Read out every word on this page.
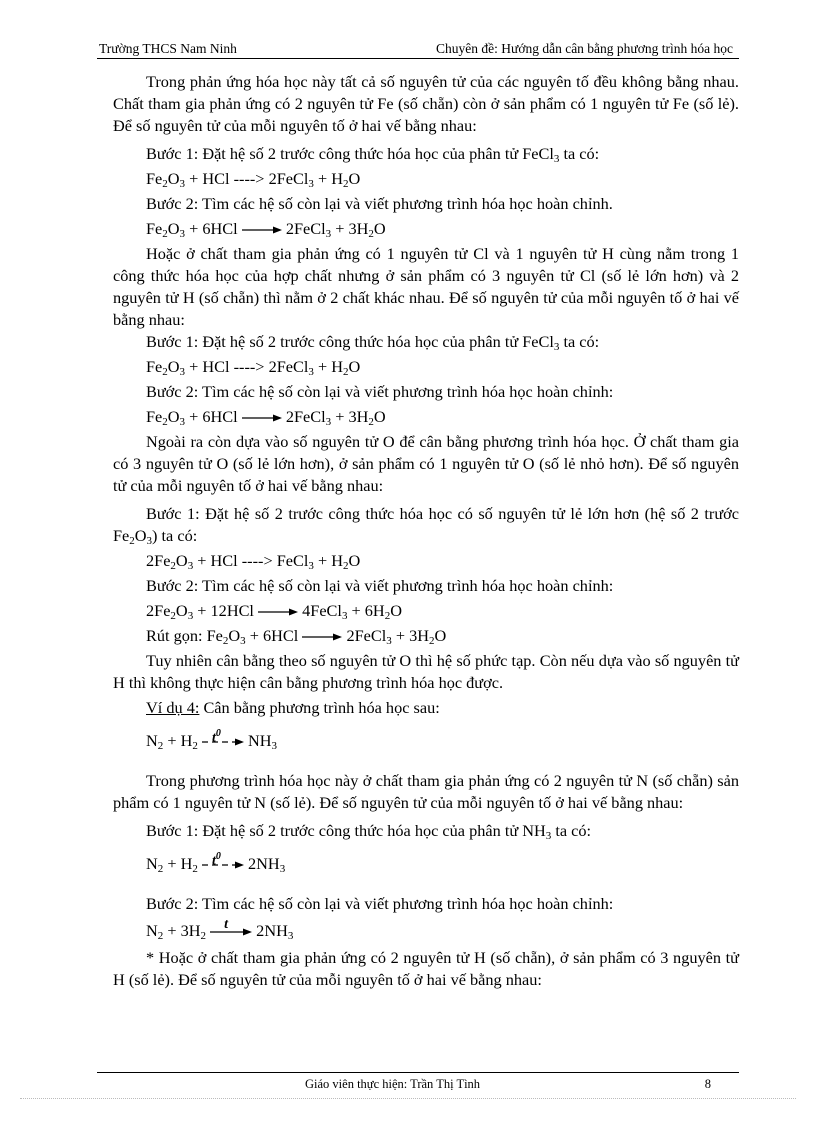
Trường THCS Nam Ninh	Chuyên đề: Hướng dẫn cân bằng phương trình hóa học

Trong phản ứng hóa học này tất cả số nguyên tử của các nguyên tố đều không bằng nhau. Chất tham gia phản ứng có 2 nguyên tử Fe (số chẵn) còn ở sản phẩm có 1 nguyên tử Fe (số lẻ). Để số nguyên tử của mỗi nguyên tố ở hai vế bằng nhau:

Bước 1: Đặt hệ số 2 trước công thức hóa học của phân tử FeCl$_3$ ta có:

$Fe_2O_3$ + HCl ----> 2FeCl$_3$ + $H_2O$

Bước 2: Tìm các hệ số còn lại và viết phương trình hóa học hoàn chỉnh.

$Fe_2O_3 + 6HCl$ → 2FeCl$_3$ + $3H_2O$

Hoặc ở chất tham gia phản ứng có 1 nguyên tử Cl và 1 nguyên tử H cùng nằm trong 1 công thức hóa học của hợp chất nhưng ở sản phẩm có 3 nguyên tử Cl (số lẻ lớn hơn) và 2 nguyên tử H (số chẵn) thì nằm ở 2 chất khác nhau. Để số nguyên tử của mỗi nguyên tố ở hai vế bằng nhau:

Bước 1: Đặt hệ số 2 trước công thức hóa học của phân tử FeCl$_3$ ta có:

$Fe_2O_3$ + HCl ----> 2FeCl$_3$ + $H_2O$

Bước 2: Tìm các hệ số còn lại và viết phương trình hóa học hoàn chỉnh:

$Fe_2O_3 + 6HCl$ → 2FeCl$_3$ + $3H_2O$

Ngoài ra còn dựa vào số nguyên tử O để cân bằng phương trình hóa học. Ở chất tham gia có 3 nguyên tử O (số lẻ lớn hơn), ở sản phẩm có 1 nguyên tử O (số lẻ nhỏ hơn). Để số nguyên tử của mỗi nguyên tố ở hai vế bằng nhau:

Bước 1: Đặt hệ số 2 trước công thức hóa học có số nguyên tử lẻ lớn hơn (hệ số 2 trước $Fe_2O_3$) ta có:

$2Fe_2O_3$ + HCl ----> FeCl$_3$ + $H_2O$

Bước 2: Tìm các hệ số còn lại và viết phương trình hóa học hoàn chỉnh:

$2Fe_2O_3 + 12HCl$ → 4FeCl$_3$ + $6H_2O$

Rút gọn: $Fe_2O_3 + 6HCl$ → 2FeCl$_3$ + $3H_2O$

Tuy nhiên cân bằng theo số nguyên tử O thì hệ số phức tạp. Còn nếu dựa vào số nguyên tử H thì không thực hiện cân bằng phương trình hóa học được.

Ví dụ 4: Cân bằng phương trình hóa học sau:

$N_2 + H_2$
$t^0$ $NH_3$

Trong phương trình hóa học này ở chất tham gia phản ứng có 2 nguyên tử N (số chẵn) sản phẩm có 1 nguyên tử N (số lẻ). Để số nguyên tử của mỗi nguyên tố ở hai vế bằng nhau:

Bước 1: Đặt hệ số 2 trước công thức hóa học của phân tử $NH_3$ ta có:

$N_2 + H_2$
$t^0$ $2NH_3$

Bước 2: Tìm các hệ số còn lại và viết phương trình hóa học hoàn chỉnh:

$N_2 + 3H_2$
t $2NH_3$

* Hoặc ở chất tham gia phản ứng có 2 nguyên tử H (số chẵn), ở sản phẩm có 3 nguyên tử H (số lẻ). Để số nguyên tử của mỗi nguyên tố ở hai vế bằng nhau:

Giáo viên thực hiện: Trần Thị Tình	8
